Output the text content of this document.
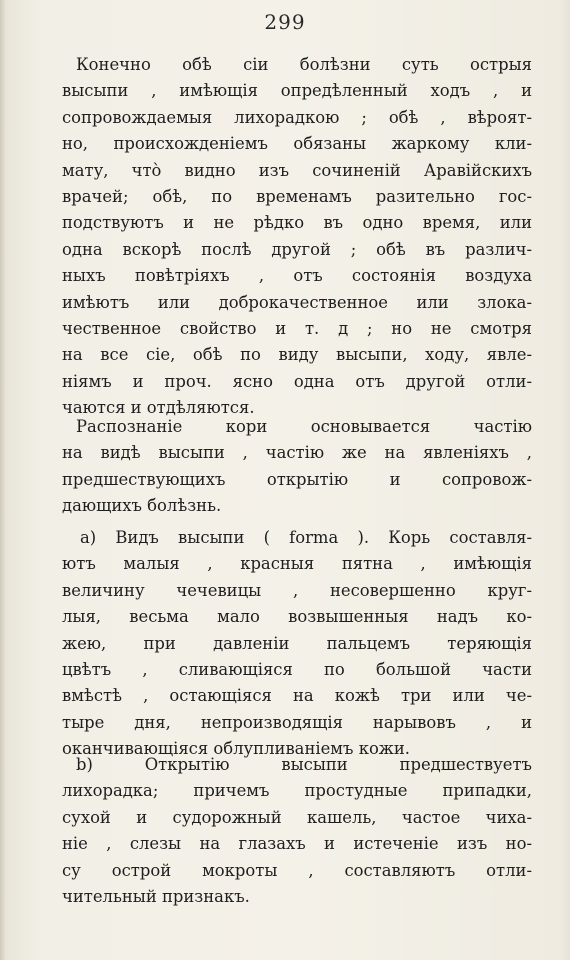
299
Конечно обѣ сіи болѣзни суть острыя
высыпи , имѣющія опредѣленный ходъ , и
сопровождаемыя лихорадкою ; обѣ , вѣроят-
но, происхожденіемъ обязаны жаркому кли-
мату, что̀ видно изъ сочиненій Аравійскихъ
врачей; обѣ, по временамъ разительно гос-
подствуютъ и не рѣдко въ одно время, или
одна вскорѣ послѣ другой ; обѣ въ различ-
ныхъ повѣтріяхъ , отъ состоянія воздуха
имѣютъ или доброкачественное или злока-
чественное свойство и т. д ; но не смотря
на все сіе, обѣ по виду высыпи, ходу, явле-
ніямъ и проч. ясно одна отъ другой отли-
чаются и отдѣляются.
Распознаніе кори основывается частію
на видѣ высыпи , частію же на явленіяхъ ,
предшествующихъ открытію и сопровож-
дающихъ болѣзнь.
a) Видъ высыпи ( forma ). Корь составля-
ютъ малыя , красныя пятна , имѣющія
величину чечевицы , несовершенно круг-
лыя, весьма мало возвышенныя надъ ко-
жею, при давленіи пальцемъ теряющія
цвѣтъ , сливающіяся по большой части
вмѣстѣ , остающіяся на кожѣ три или че-
тыре дня, непроизводящія нарывовъ , и
оканчивающіяся облупливаніемъ кожи.
b) Открытію высыпи предшествуетъ
лихорадка; причемъ простудные припадки,
сухой и судорожный кашель, частое чиха-
ніе , слезы на глазахъ и истеченіе изъ но-
су острой мокроты , составляютъ отли-
чительный признакъ.
